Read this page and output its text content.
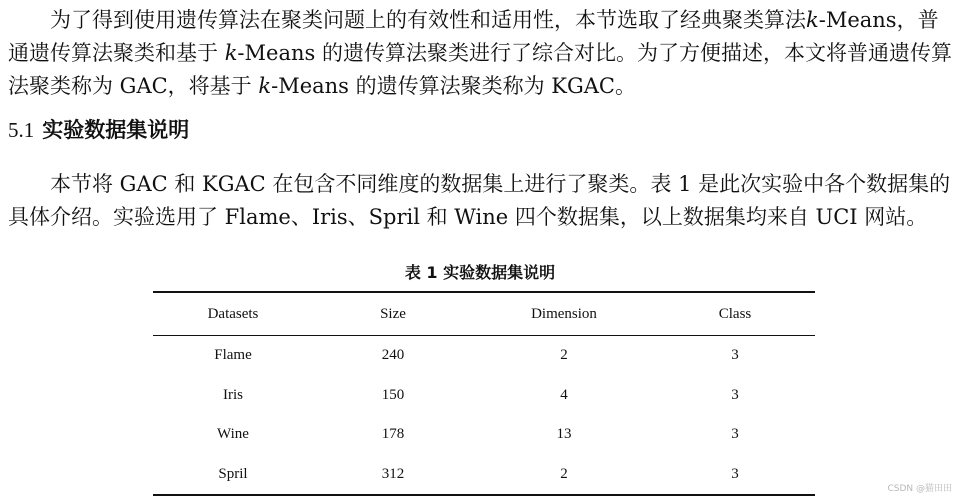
为了得到使用遗传算法在聚类问题上的有效性和适用性，本节选取了经典聚类算法k-Means，普通遗传算法聚类和基于 k-Means 的遗传算法聚类进行了综合对比。为了方便描述，本文将普通遗传算法聚类称为 GAC，将基于 k-Means 的遗传算法聚类称为 KGAC。

5.1 实验数据集说明

本节将 GAC 和 KGAC 在包含不同维度的数据集上进行了聚类。表 1 是此次实验中各个数据集的具体介绍。实验选用了 Flame、Iris、Spril 和 Wine 四个数据集，以上数据集均来自 UCI 网站。

表 1 实验数据集说明
Datasets	Size	Dimension	Class
Flame	240	2	3
Iris	150	4	3
Wine	178	13	3
Spril	312	2	3
CSDN @猫田田
